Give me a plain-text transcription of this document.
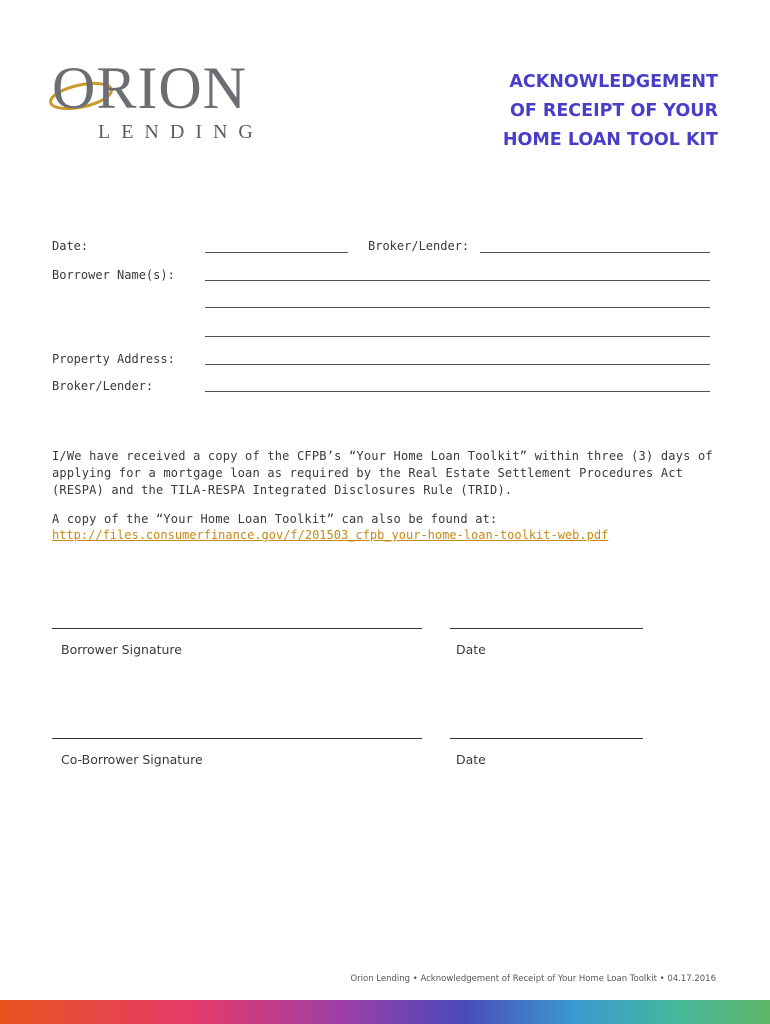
ORION
LENDING
ACKNOWLEDGEMENT
OF RECEIPT OF YOUR
HOME LOAN TOOL KIT
Date:	Broker/Lender:
Borrower Name(s):
Property Address:
Broker/Lender:
I/We have received a copy of the CFPB’s “Your Home Loan Toolkit” within three (3) days of applying for a mortgage loan as required by the Real Estate Settlement Procedures Act (RESPA) and the TILA-RESPA Integrated Disclosures Rule (TRID).
A copy of the “Your Home Loan Toolkit” can also be found at:
http://files.consumerfinance.gov/f/201503_cfpb_your-home-loan-toolkit-web.pdf
Borrower Signature	Date
Co-Borrower Signature	Date
Orion Lending • Acknowledgement of Receipt of Your Home Loan Toolkit • 04.17.2016
